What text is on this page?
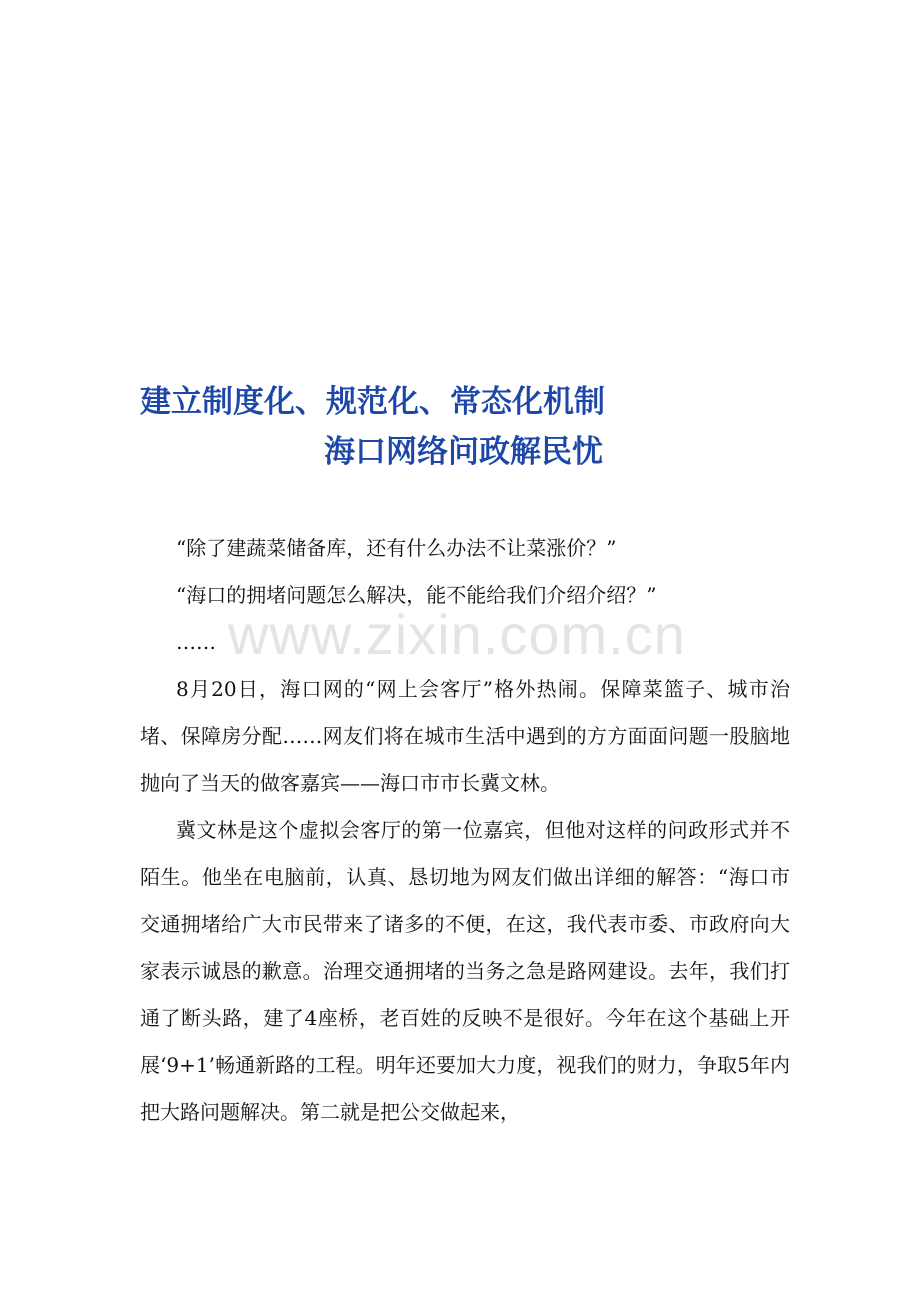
建立制度化、规范化、常态化机制
海口网络问政解民忧
www.zixin.com.cn

“除了建蔬菜储备库，还有什么办法不让菜涨价？”

“海口的拥堵问题怎么解决，能不能给我们介绍介绍？”

……

8月20日，海口网的“网上会客厅”格外热闹。保障菜篮子、城市治堵、保障房分配……网友们将在城市生活中遇到的方方面面问题一股脑地抛向了当天的做客嘉宾——海口市市长冀文林。

冀文林是这个虚拟会客厅的第一位嘉宾，但他对这样的问政形式并不陌生。他坐在电脑前，认真、恳切地为网友们做出详细的解答：“海口市交通拥堵给广大市民带来了诸多的不便，在这，我代表市委、市政府向大家表示诚恳的歉意。治理交通拥堵的当务之急是路网建设。去年，我们打通了断头路，建了4座桥，老百姓的反映不是很好。今年在这个基础上开展‘9+1’畅通新路的工程。明年还要加大力度，视我们的财力，争取5年内把大路问题解决。第二就是把公交做起来，
